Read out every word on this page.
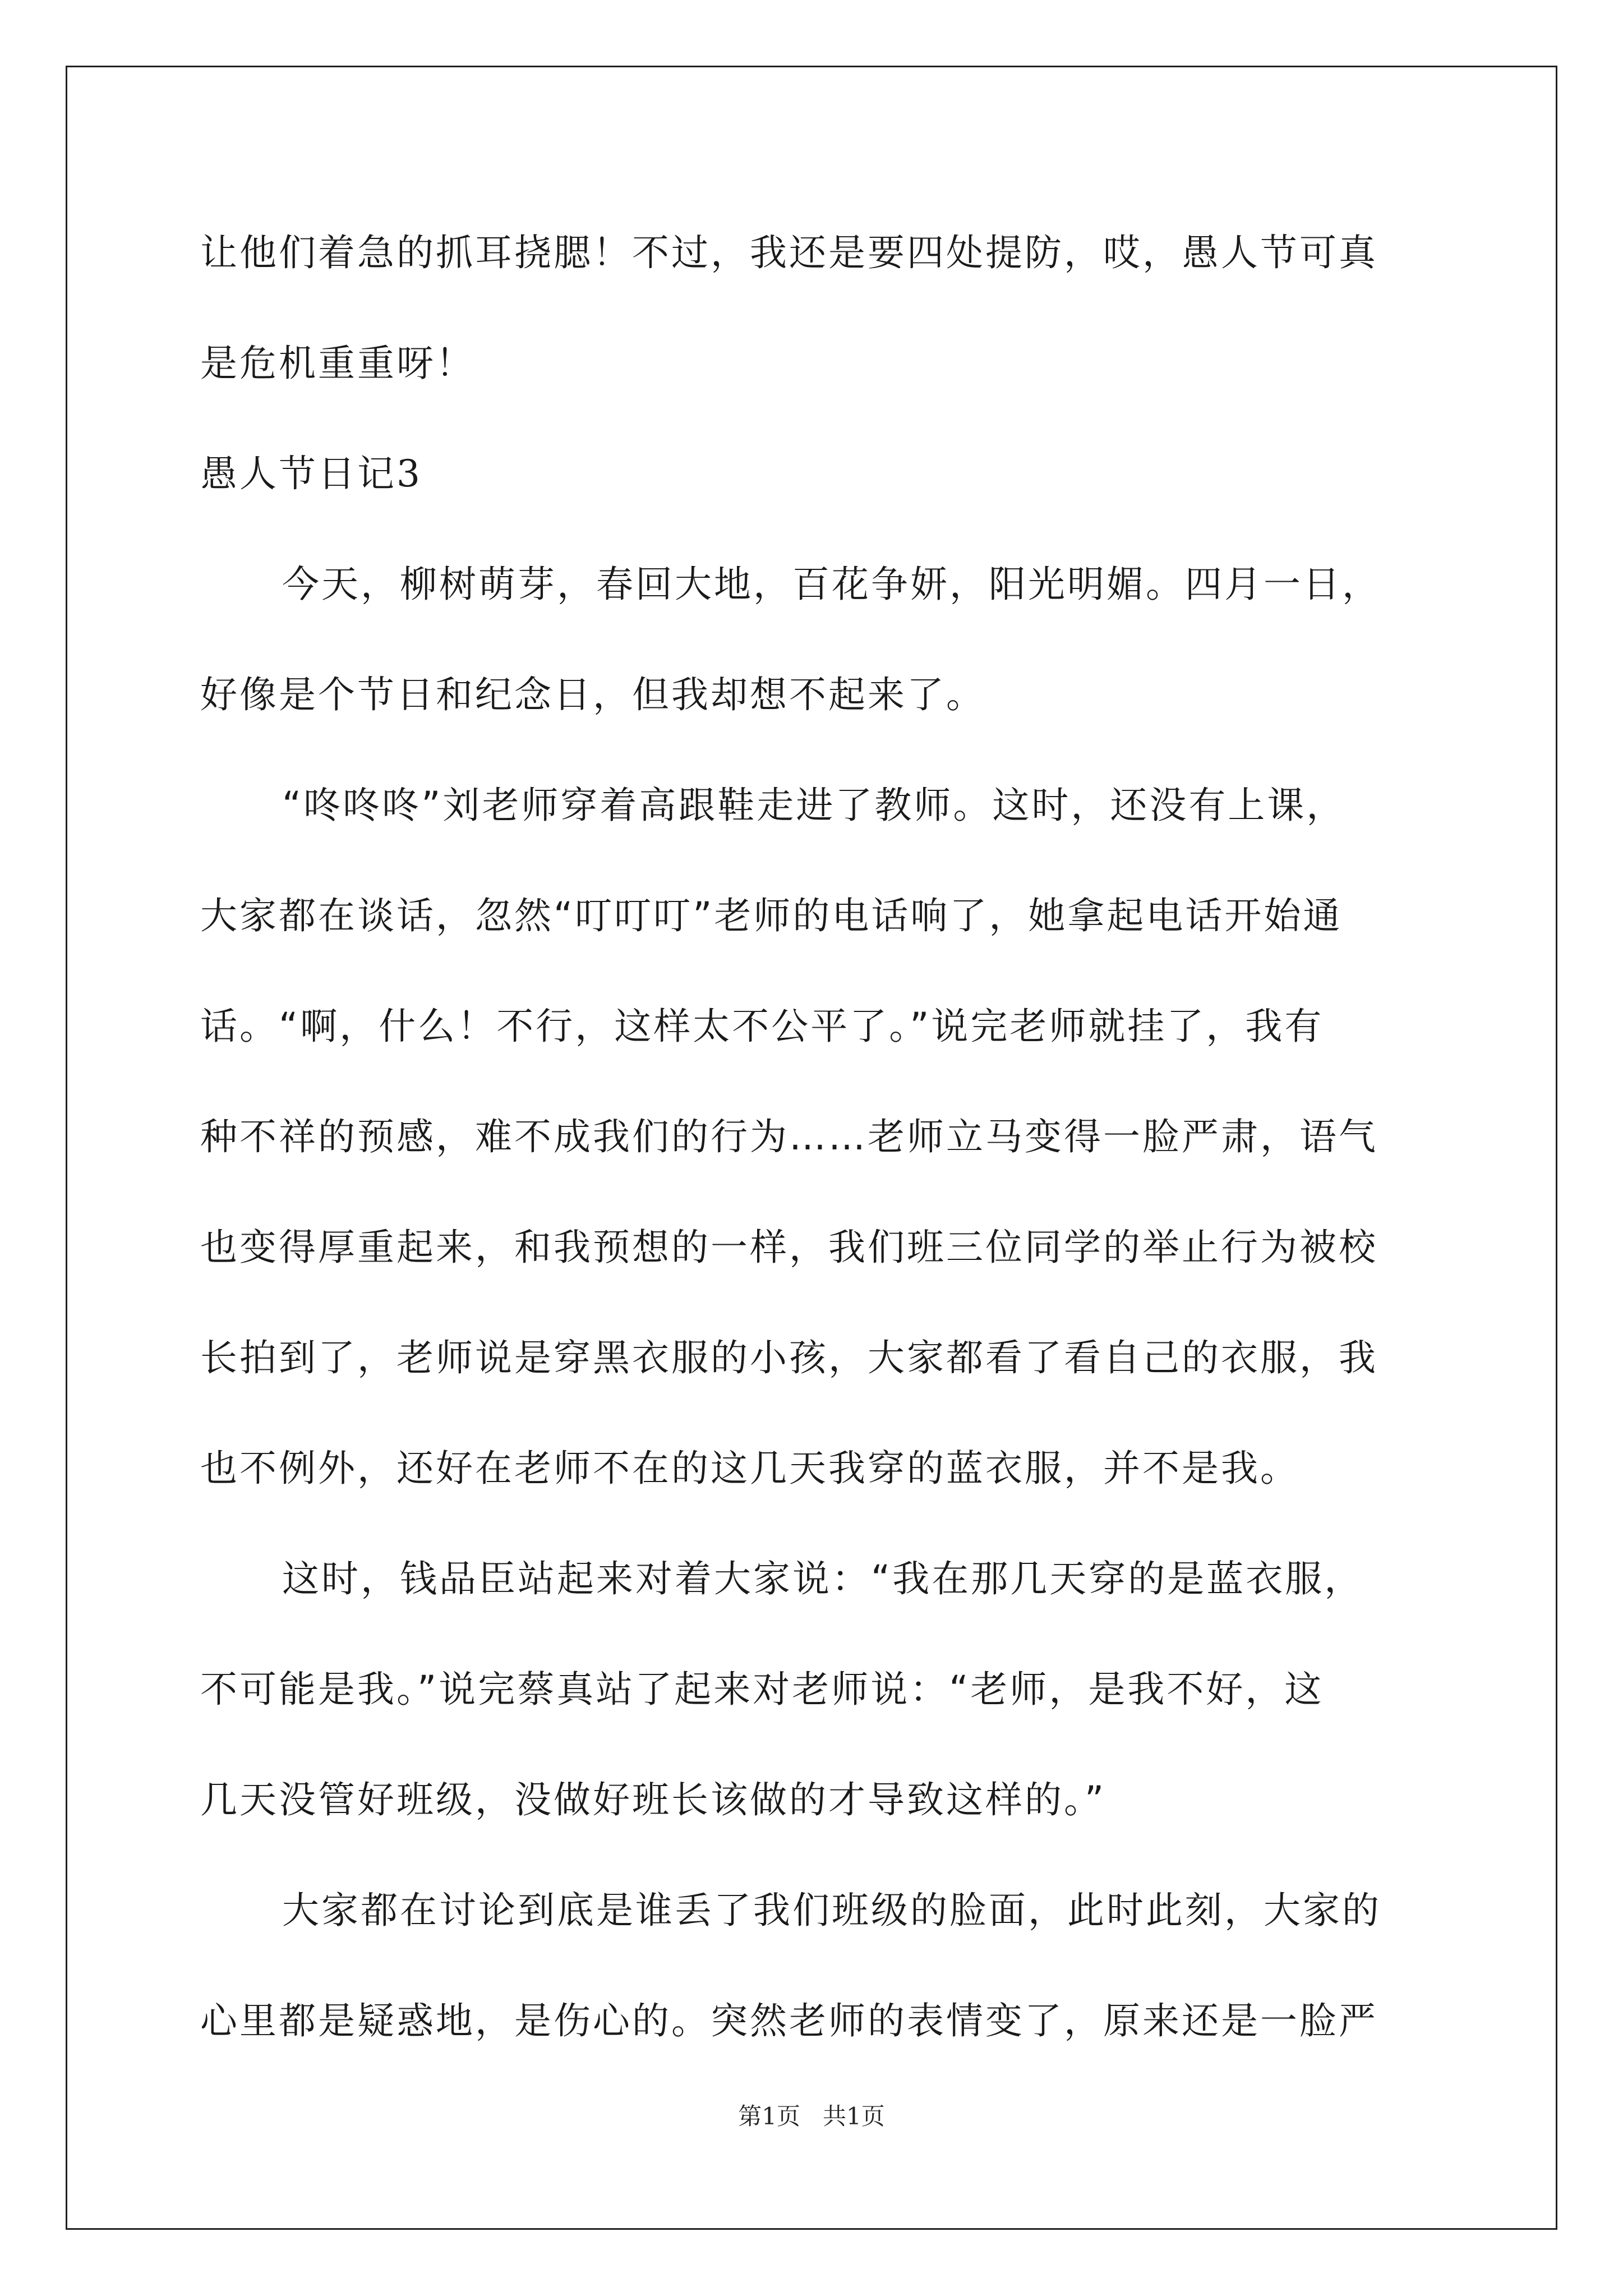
让他们着急的抓耳挠腮！不过，我还是要四处提防，哎，愚人节可真
是危机重重呀！
愚人节日记3
今天，柳树萌芽，春回大地，百花争妍，阳光明媚。四月一日，
好像是个节日和纪念日，但我却想不起来了。
“咚咚咚”刘老师穿着高跟鞋走进了教师。这时，还没有上课，
大家都在谈话，忽然“叮叮叮”老师的电话响了，她拿起电话开始通
话。“啊，什么！不行，这样太不公平了。”说完老师就挂了，我有
种不祥的预感，难不成我们的行为……老师立马变得一脸严肃，语气
也变得厚重起来，和我预想的一样，我们班三位同学的举止行为被校
长拍到了，老师说是穿黑衣服的小孩，大家都看了看自己的衣服，我
也不例外，还好在老师不在的这几天我穿的蓝衣服，并不是我。
这时，钱品臣站起来对着大家说：“我在那几天穿的是蓝衣服，
不可能是我。”说完蔡真站了起来对老师说：“老师，是我不好，这
几天没管好班级，没做好班长该做的才导致这样的。”
大家都在讨论到底是谁丢了我们班级的脸面，此时此刻，大家的
心里都是疑惑地，是伤心的。突然老师的表情变了，原来还是一脸严
第1页 共1页
